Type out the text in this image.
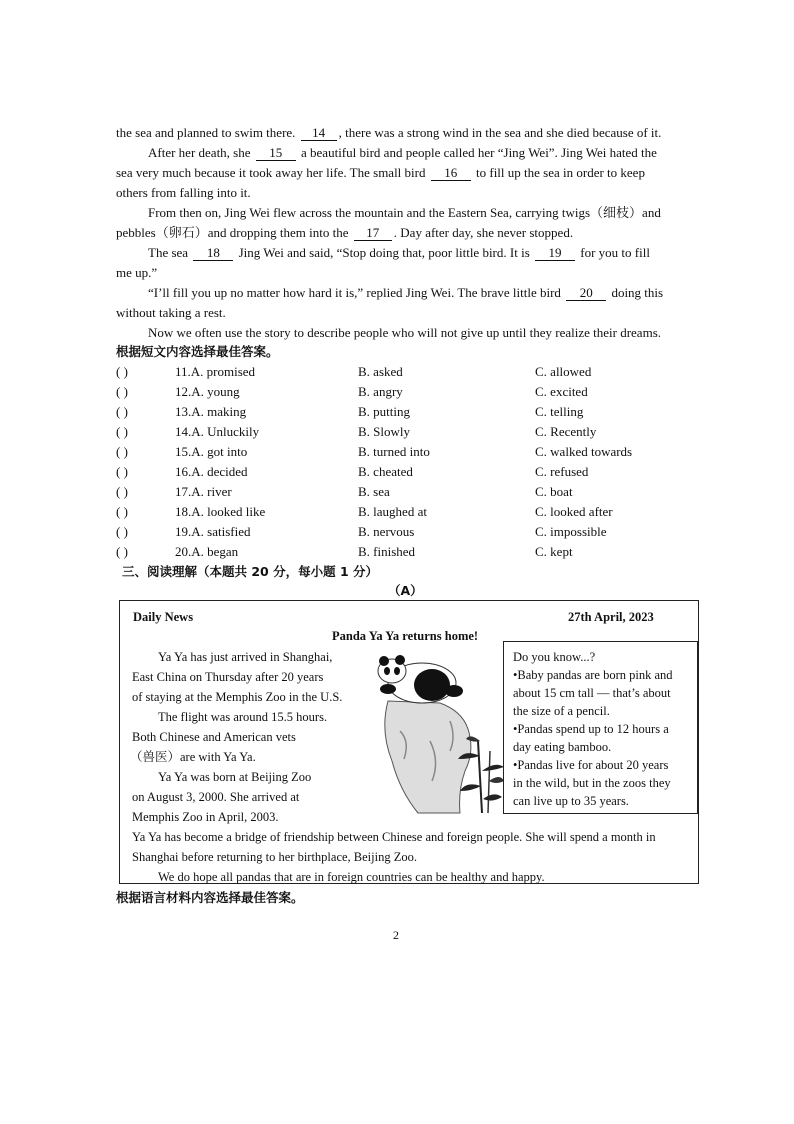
the sea and planned to swim there. 14 , there was a strong wind in the sea and she died because of it.
After her death, she 15 a beautiful bird and people called her “Jing Wei”. Jing Wei hated the
sea very much because it took away her life. The small bird 16 to fill up the sea in order to keep
others from falling into it.
From then on, Jing Wei flew across the mountain and the Eastern Sea, carrying twigs（细枝）and
pebbles（卵石）and dropping them into the 17 . Day after day, she never stopped.
The sea 18 Jing Wei and said, “Stop doing that, poor little bird. It is 19 for you to fill
me up.”
“I’ll fill you up no matter how hard it is,” replied Jing Wei. The brave little bird 20 doing this
without taking a rest.
Now we often use the story to describe people who will not give up until they realize their dreams.
根据短文内容选择最佳答案。
( )	11.A. promised	B. asked	C. allowed
( )	12.A. young	B. angry	C. excited
( )	13.A. making	B. putting	C. telling
( )	14.A. Unluckily	B. Slowly	C. Recently
( )	15.A. got into	B. turned into	C. walked towards
( )	16.A. decided	B. cheated	C. refused
( )	17.A. river	B. sea	C. boat
( )	18.A. looked like	B. laughed at	C. looked after
( )	19.A. satisfied	B. nervous	C. impossible
( )	20.A. began	B. finished	C. kept
三、阅读理解（本题共 20 分，每小题 1 分）
（A）
Daily News	27th April, 2023
Panda Ya Ya returns home!
Ya Ya has just arrived in Shanghai,
East China on Thursday after 20 years
of staying at the Memphis Zoo in the U.S.
The flight was around 15.5 hours.
Both Chinese and American vets
（兽医）are with Ya Ya.
Ya Ya was born at Beijing Zoo
on August 3, 2000. She arrived at
Memphis Zoo in April, 2003.
Ya Ya has become a bridge of friendship between Chinese and foreign people. She will spend a month in
Shanghai before returning to her birthplace, Beijing Zoo.
We do hope all pandas that are in foreign countries can be healthy and happy.
Do you know...?
•Baby pandas are born pink and
about 15 cm tall — that’s about
the size of a pencil.
•Pandas spend up to 12 hours a
day eating bamboo.
•Pandas live for about 20 years
in the wild, but in the zoos they
can live up to 35 years.
根据语言材料内容选择最佳答案。
2
